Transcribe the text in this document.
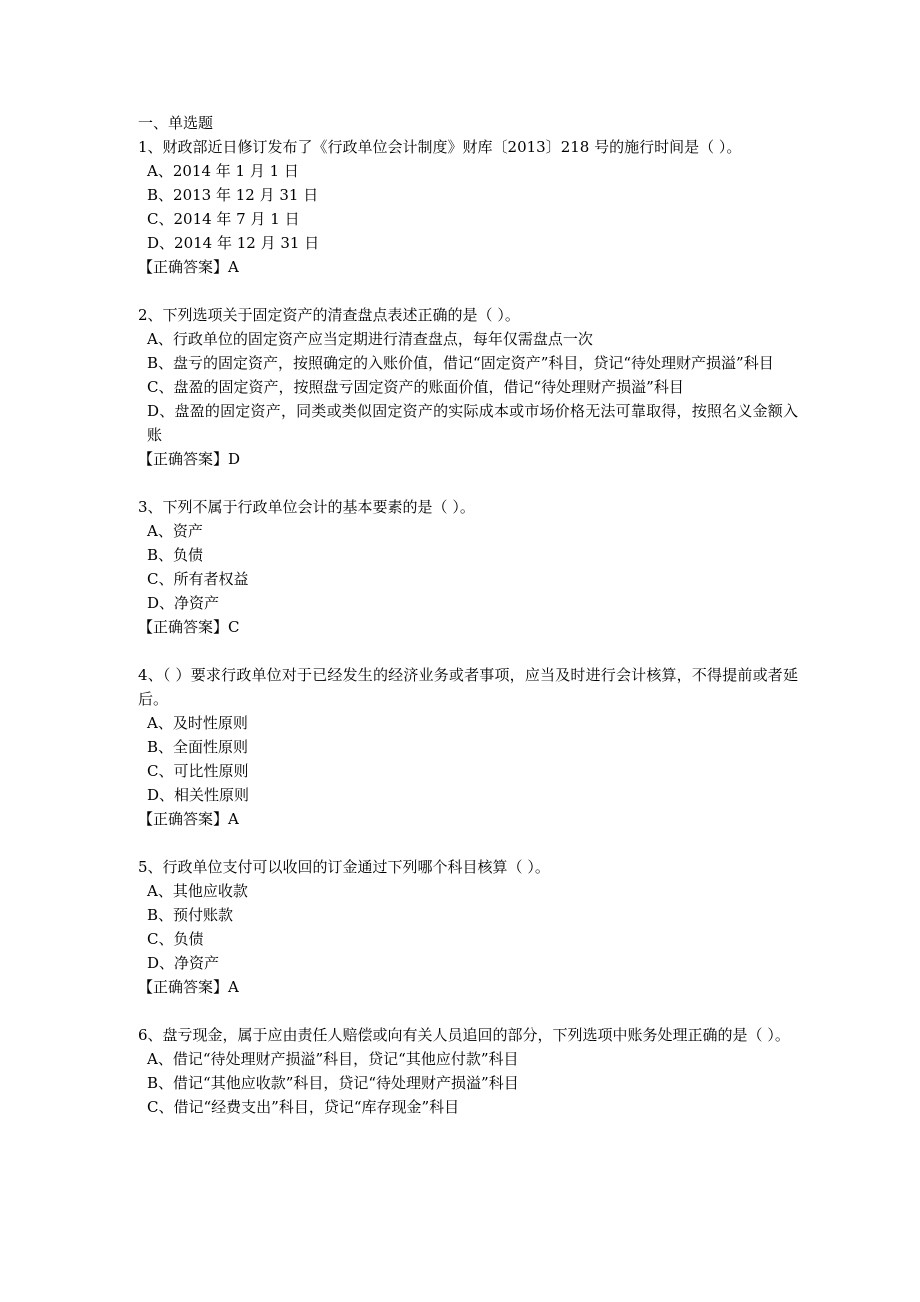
一、单选题
1、财政部近日修订发布了《行政单位会计制度》财库〔2013〕218 号的施行时间是（ ）。
A、2014 年 1 月 1 日
B、2013 年 12 月 31 日
C、2014 年 7 月 1 日
D、2014 年 12 月 31 日
【正确答案】A
2、下列选项关于固定资产的清查盘点表述正确的是（ ）。
A、行政单位的固定资产应当定期进行清查盘点，每年仅需盘点一次
B、盘亏的固定资产，按照确定的入账价值，借记“固定资产”科目，贷记“待处理财产损溢”科目
C、盘盈的固定资产，按照盘亏固定资产的账面价值，借记“待处理财产损溢”科目
D、盘盈的固定资产，同类或类似固定资产的实际成本或市场价格无法可靠取得，按照名义金额入账
【正确答案】D
3、下列不属于行政单位会计的基本要素的是（ ）。
A、资产
B、负债
C、所有者权益
D、净资产
【正确答案】C
4、（ ）要求行政单位对于已经发生的经济业务或者事项，应当及时进行会计核算，不得提前或者延后。
A、及时性原则
B、全面性原则
C、可比性原则
D、相关性原则
【正确答案】A
5、行政单位支付可以收回的订金通过下列哪个科目核算（ ）。
A、其他应收款
B、预付账款
C、负债
D、净资产
【正确答案】A
6、盘亏现金，属于应由责任人赔偿或向有关人员追回的部分，下列选项中账务处理正确的是（ ）。
A、借记“待处理财产损溢”科目，贷记“其他应付款”科目
B、借记“其他应收款”科目，贷记“待处理财产损溢”科目
C、借记“经费支出”科目，贷记“库存现金”科目
